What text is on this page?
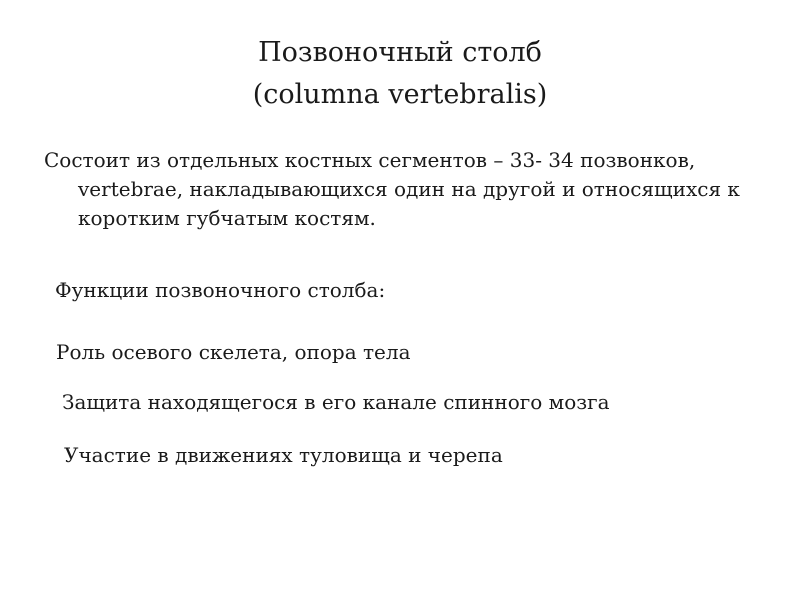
Позвоночный столб
(columna vertebralis)

Состоит из отдельных костных сегментов – 33- 34 позвонков, vertebrae, накладывающихся один на другой и относящихся к коротким губчатым костям.

Функции позвоночного столба:

Роль осевого скелета, опора тела

Защита находящегося в его канале спинного мозга

Участие в движениях туловища и черепа
